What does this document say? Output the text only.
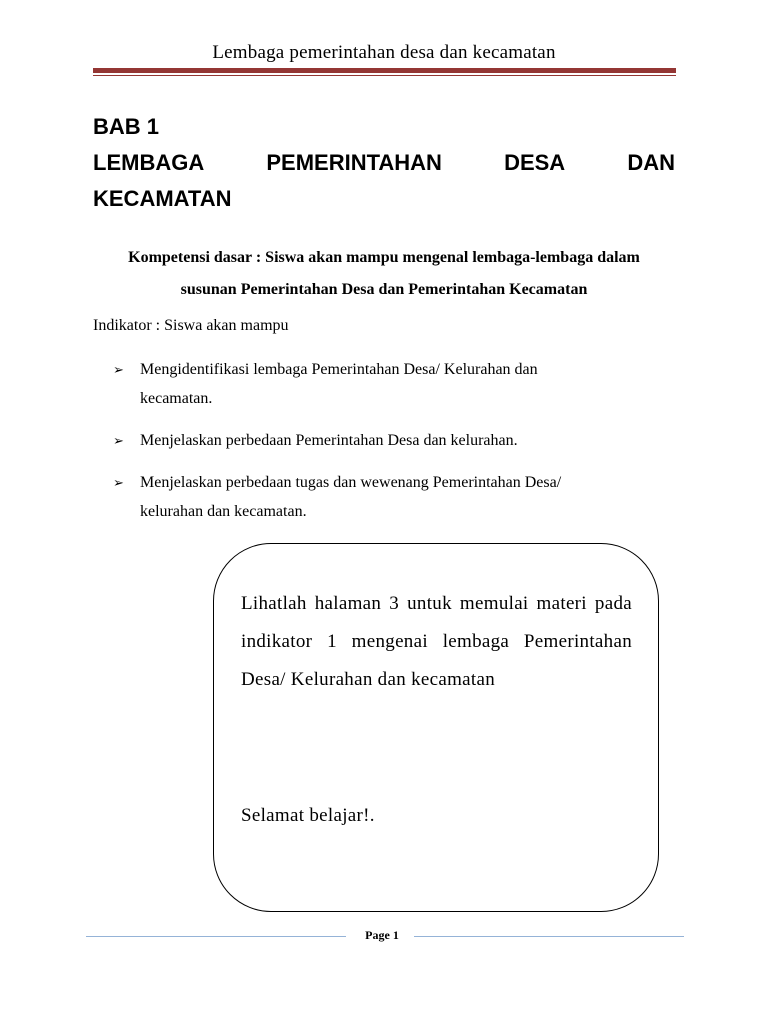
Lembaga pemerintahan desa dan kecamatan
BAB 1
LEMBAGA	PEMERINTAHAN	DESA	DAN
KECAMATAN
Kompetensi dasar : Siswa akan mampu mengenal lembaga-lembaga dalam
susunan Pemerintahan Desa dan Pemerintahan Kecamatan
Indikator : Siswa akan mampu
➢ Mengidentifikasi lembaga Pemerintahan Desa/ Kelurahan dan
kecamatan.
➢ Menjelaskan perbedaan Pemerintahan Desa dan kelurahan.
➢ Menjelaskan perbedaan tugas dan wewenang Pemerintahan Desa/
kelurahan dan kecamatan.
Lihatlah halaman 3 untuk memulai materi pada indikator 1 mengenai lembaga Pemerintahan Desa/ Kelurahan dan kecamatan
Selamat belajar!.
Page 1
